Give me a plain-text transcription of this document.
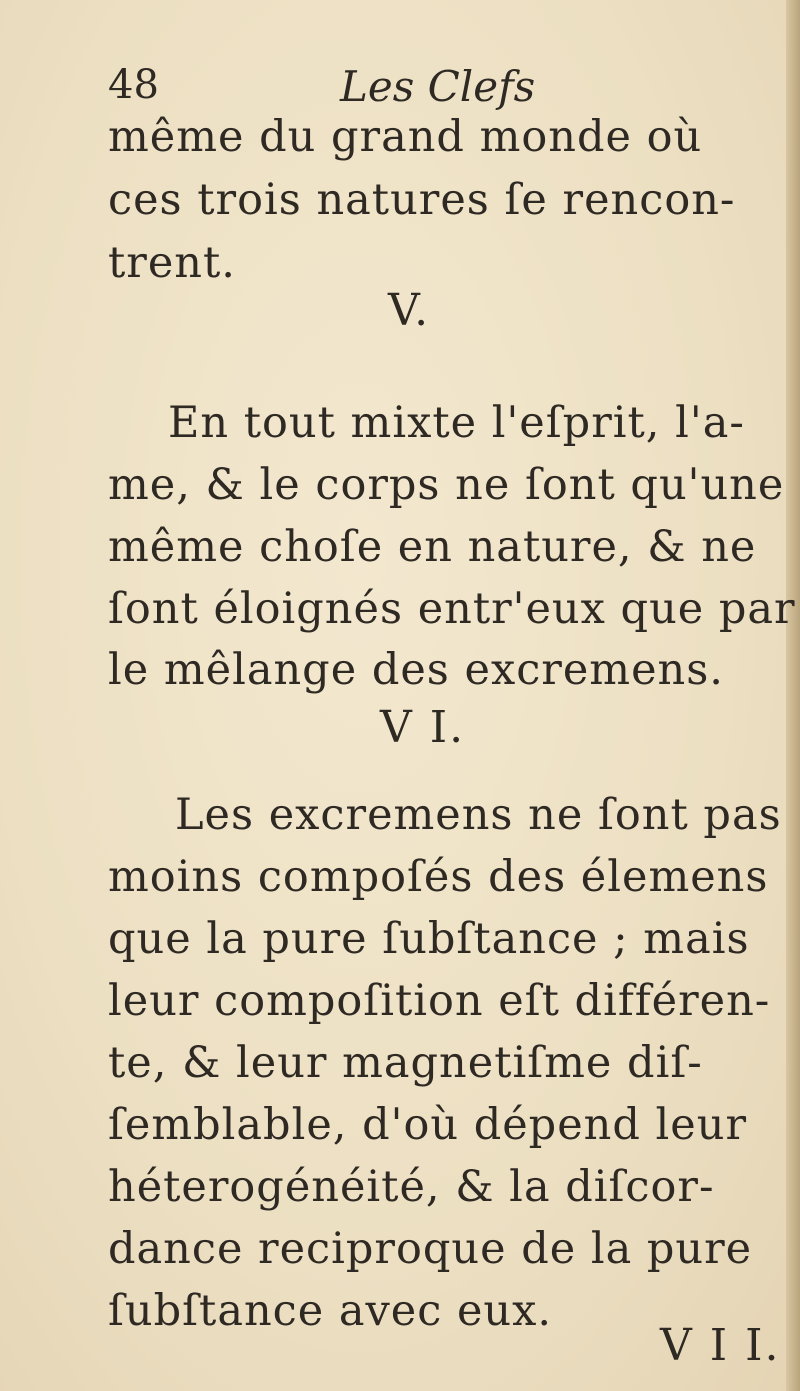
48	Les Clefs
même du grand monde où
ces trois natures ſe rencon-
trent.
V.
En tout mixte l'eſprit, l'a-
me, & le corps ne ſont qu'une
même choſe en nature, & ne
ſont éloignés entr'eux que par
le mêlange des excremens.
V I.
Les excremens ne ſont pas
moins compoſés des élemens
que la pure ſubſtance ; mais
leur compoſition eſt différen-
te, & leur magnetiſme diſ-
ſemblable, d'où dépend leur
héterogénéité, & la diſcor-
dance reciproque de la pure
ſubſtance avec eux.
V I I.
